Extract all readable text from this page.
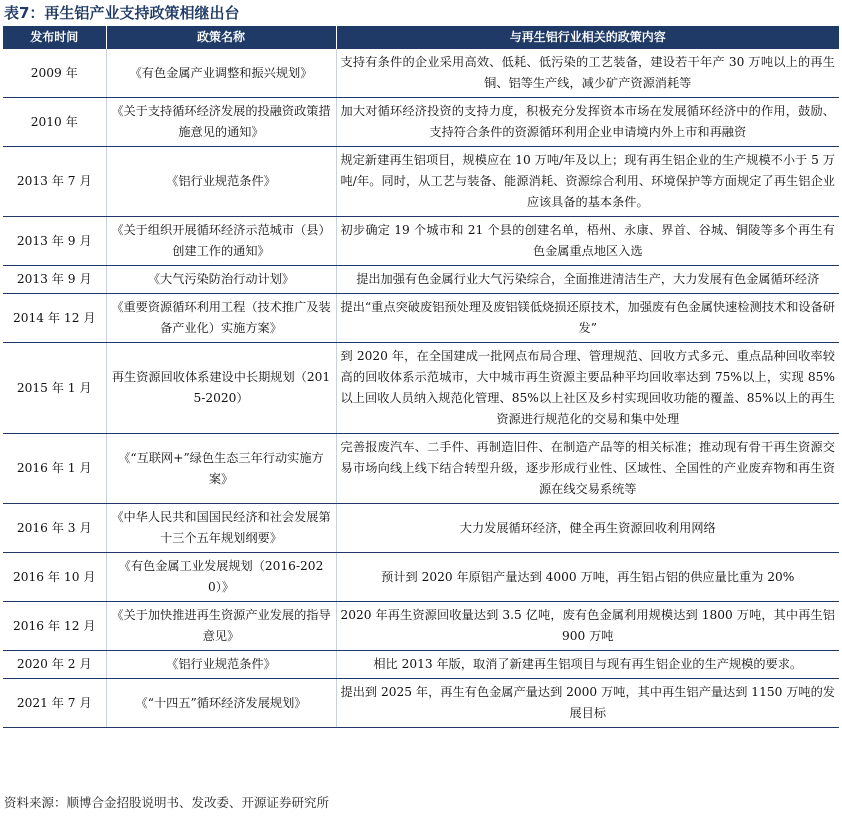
表7：再生铝产业支持政策相继出台
发布时间	政策名称	与再生铝行业相关的政策内容
2009 年	《有色金属产业调整和振兴规划》	支持有条件的企业采用高效、低耗、低污染的工艺装备，建设若干年产 30 万吨以上的再生铜、铝等生产线，减少矿产资源消耗等
2010 年	《关于支持循环经济发展的投融资政策措施意见的通知》	加大对循环经济投资的支持力度，积极充分发挥资本市场在发展循环经济中的作用，鼓励、支持符合条件的资源循环利用企业申请境内外上市和再融资
2013 年 7 月	《铝行业规范条件》	规定新建再生铝项目，规模应在 10 万吨/年及以上；现有再生铝企业的生产规模不小于 5 万吨/年。同时，从工艺与装备、能源消耗、资源综合利用、环境保护等方面规定了再生铝企业应该具备的基本条件。
2013 年 9 月	《关于组织开展循环经济示范城市（县）创建工作的通知》	初步确定 19 个城市和 21 个县的创建名单，梧州、永康、界首、谷城、铜陵等多个再生有色金属重点地区入选
2013 年 9 月	《大气污染防治行动计划》	提出加强有色金属行业大气污染综合，全面推进清洁生产，大力发展有色金属循环经济
2014 年 12 月	《重要资源循环利用工程（技术推广及装备产业化）实施方案》	提出“重点突破废铝预处理及废铝镁低烧损还原技术，加强废有色金属快速检测技术和设备研发”
2015 年 1 月	再生资源回收体系建设中长期规划（2015-2020）	到 2020 年，在全国建成一批网点布局合理、管理规范、回收方式多元、重点品种回收率较高的回收体系示范城市，大中城市再生资源主要品种平均回收率达到 75%以上，实现 85%以上回收人员纳入规范化管理、85%以上社区及乡村实现回收功能的覆盖、85%以上的再生资源进行规范化的交易和集中处理
2016 年 1 月	《“互联网+”绿色生态三年行动实施方案》	完善报废汽车、二手件、再制造旧件、在制造产品等的相关标准；推动现有骨干再生资源交易市场向线上线下结合转型升级，逐步形成行业性、区域性、全国性的产业废弃物和再生资源在线交易系统等
2016 年 3 月	《中华人民共和国国民经济和社会发展第十三个五年规划纲要》	大力发展循环经济，健全再生资源回收利用网络
2016 年 10 月	《有色金属工业发展规划（2016-2020）》	预计到 2020 年原铝产量达到 4000 万吨，再生铝占铝的供应量比重为 20%
2016 年 12 月	《关于加快推进再生资源产业发展的指导意见》	2020 年再生资源回收量达到 3.5 亿吨，废有色金属利用规模达到 1800 万吨，其中再生铝 900 万吨
2020 年 2 月	《铝行业规范条件》	相比 2013 年版，取消了新建再生铝项目与现有再生铝企业的生产规模的要求。
2021 年 7 月	《“十四五”循环经济发展规划》	提出到 2025 年，再生有色金属产量达到 2000 万吨，其中再生铝产量达到 1150 万吨的发展目标
资料来源：顺博合金招股说明书、发改委、开源证券研究所
